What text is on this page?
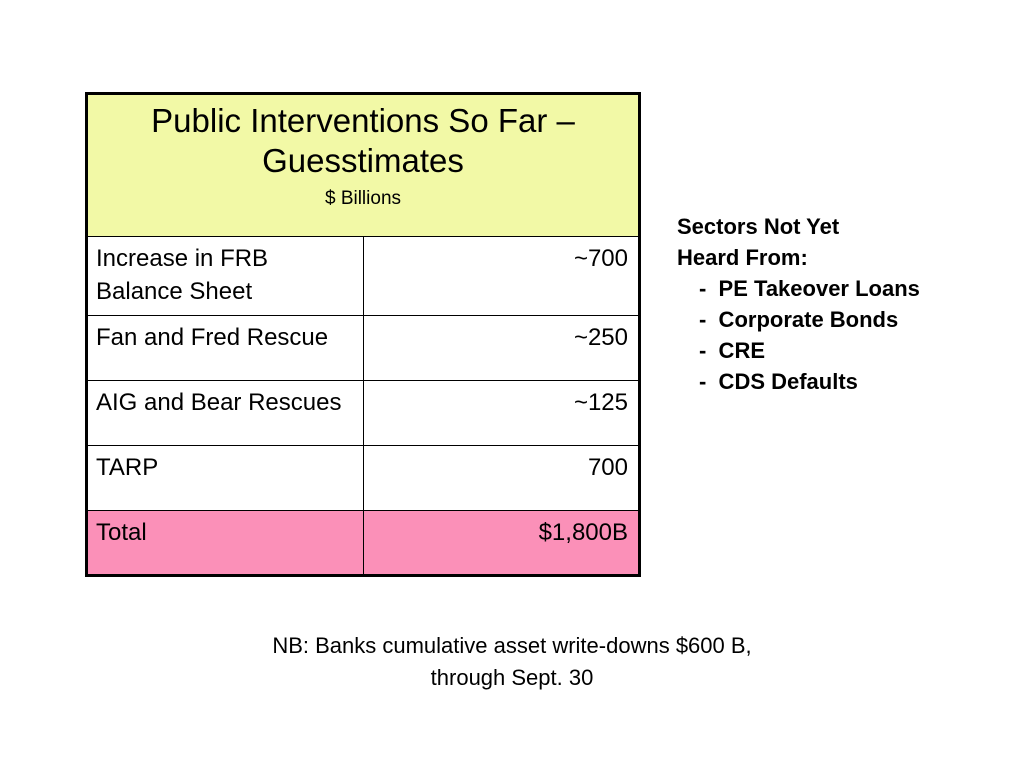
Public Interventions So Far – Guesstimates
$ Billions	

Increase in FRB Balance Sheet	~700
Fan and Fred Rescue	~250
AIG and Bear Rescues	~125
TARP	700
Total	$1,800B
Sectors Not Yet
Heard From:
-  PE Takeover Loans
-  Corporate Bonds
-  CRE
-  CDS Defaults
NB: Banks cumulative asset write-downs $600 B,
through Sept. 30
